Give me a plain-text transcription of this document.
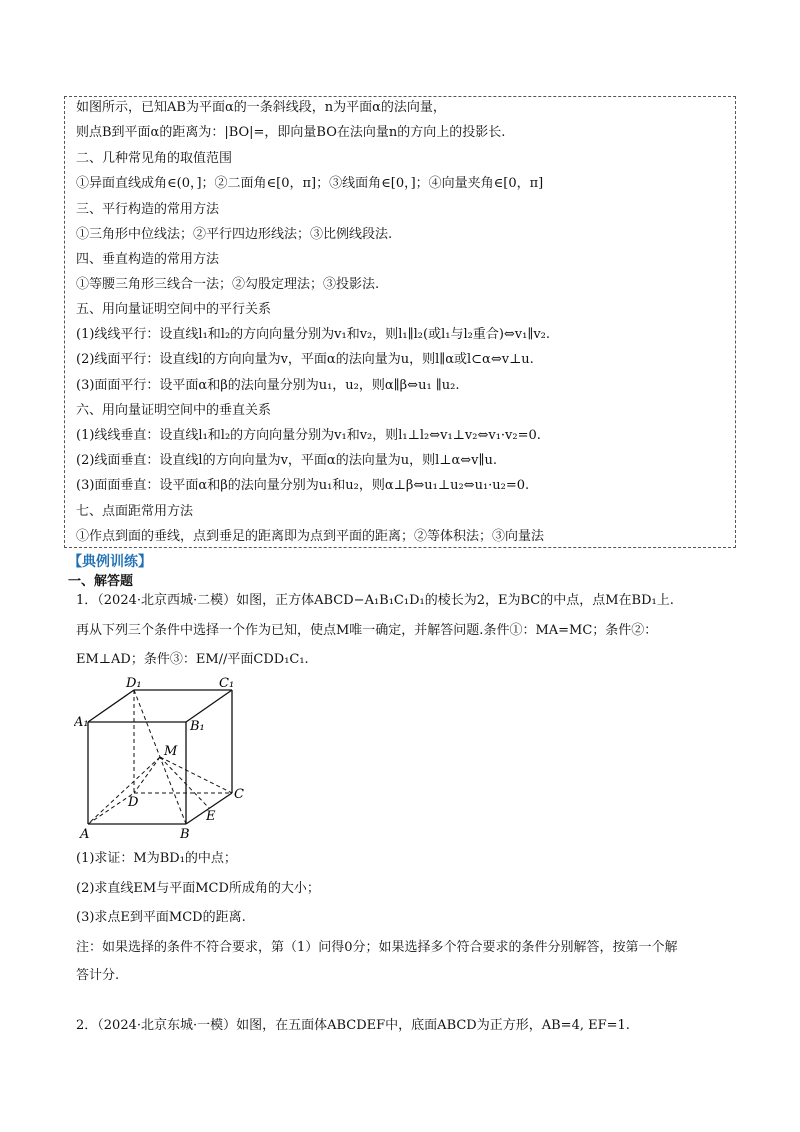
如图所示，已知AB为平面α的一条斜线段，n为平面α的法向量，
则点B到平面α的距离为：|BO|=，即向量BO在法向量n的方向上的投影长.
二、几种常见角的取值范围
①异面直线成角∈(0，]；②二面角∈[0，π]；③线面角∈[0，]；④向量夹角∈[0，π]
三、平行构造的常用方法
①三角形中位线法；②平行四边形线法；③比例线段法.
四、垂直构造的常用方法
①等腰三角形三线合一法；②勾股定理法；③投影法.
五、用向量证明空间中的平行关系
(1)线线平行：设直线l₁和l₂的方向向量分别为v₁和v₂，则l₁∥l₂(或l₁与l₂重合)⇔v₁∥v₂.
(2)线面平行：设直线l的方向向量为v，平面α的法向量为u，则l∥α或l⊂α⇔v⊥u.
(3)面面平行：设平面α和β的法向量分别为u₁，u₂，则α∥β⇔u₁ ∥u₂.
六、用向量证明空间中的垂直关系
(1)线线垂直：设直线l₁和l₂的方向向量分别为v₁和v₂，则l₁⊥l₂⇔v₁⊥v₂⇔v₁·v₂=0.
(2)线面垂直：设直线l的方向向量为v，平面α的法向量为u，则l⊥α⇔v∥u.
(3)面面垂直：设平面α和β的法向量分别为u₁和u₂，则α⊥β⇔u₁⊥u₂⇔u₁·u₂=0.
七、点面距常用方法
①作点到面的垂线，点到垂足的距离即为点到平面的距离；②等体积法；③向量法
【典例训练】
一、解答题
1．（2024·北京西城·二模）如图，正方体ABCD−A₁B₁C₁D₁的棱长为2，E为BC的中点，点M在BD₁上.
再从下列三个条件中选择一个作为已知，使点M唯一确定，并解答问题.条件①：MA=MC；条件②：
EM⊥AD；条件③：EM//平面CDD₁C₁.
D₁	C₁
A₁	B₁
M
D
C
E
A	B
(1)求证：M为BD₁的中点；
(2)求直线EM与平面MCD所成角的大小；
(3)求点E到平面MCD的距离.
注：如果选择的条件不符合要求，第（1）问得0分；如果选择多个符合要求的条件分别解答，按第一个解
答计分.
2．（2024·北京东城·一模）如图，在五面体ABCDEF中，底面ABCD为正方形，AB=4, EF=1.
